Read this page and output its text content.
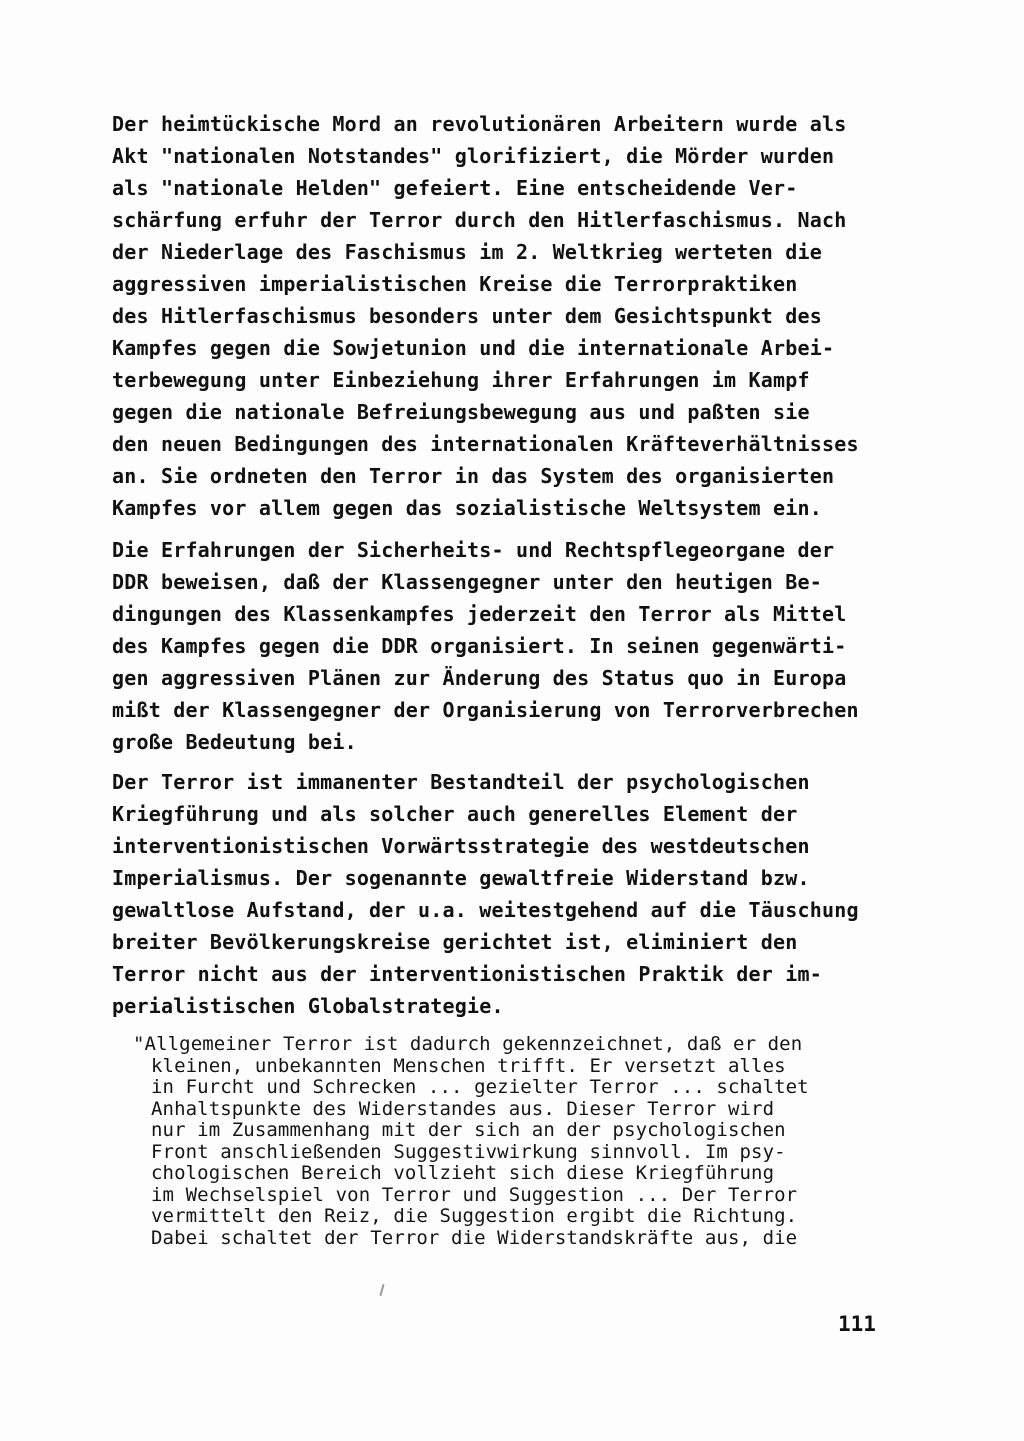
Der heimtückische Mord an revolutionären Arbeitern wurde als
Akt "nationalen Notstandes" glorifiziert, die Mörder wurden
als "nationale Helden" gefeiert. Eine entscheidende Ver-
schärfung erfuhr der Terror durch den Hitlerfaschismus. Nach
der Niederlage des Faschismus im 2. Weltkrieg werteten die
aggressiven imperialistischen Kreise die Terrorpraktiken
des Hitlerfaschismus besonders unter dem Gesichtspunkt des
Kampfes gegen die Sowjetunion und die internationale Arbei-
terbewegung unter Einbeziehung ihrer Erfahrungen im Kampf
gegen die nationale Befreiungsbewegung aus und paßten sie
den neuen Bedingungen des internationalen Kräfteverhältnisses
an. Sie ordneten den Terror in das System des organisierten
Kampfes vor allem gegen das sozialistische Weltsystem ein.
Die Erfahrungen der Sicherheits- und Rechtspflegeorgane der
DDR beweisen, daß der Klassengegner unter den heutigen Be-
dingungen des Klassenkampfes jederzeit den Terror als Mittel
des Kampfes gegen die DDR organisiert. In seinen gegenwärti-
gen aggressiven Plänen zur Änderung des Status quo in Europa
mißt der Klassengegner der Organisierung von Terrorverbrechen
große Bedeutung bei.
Der Terror ist immanenter Bestandteil der psychologischen
Kriegführung und als solcher auch generelles Element der
interventionistischen Vorwärtsstrategie des westdeutschen
Imperialismus. Der sogenannte gewaltfreie Widerstand bzw.
gewaltlose Aufstand, der u.a. weitestgehend auf die Täuschung
breiter Bevölkerungskreise gerichtet ist, eliminiert den
Terror nicht aus der interventionistischen Praktik der im-
perialistischen Globalstrategie.
"Allgemeiner Terror ist dadurch gekennzeichnet, daß er den
kleinen, unbekannten Menschen trifft. Er versetzt alles
in Furcht und Schrecken ... gezielter Terror ... schaltet
Anhaltspunkte des Widerstandes aus. Dieser Terror wird
nur im Zusammenhang mit der sich an der psychologischen
Front anschließenden Suggestivwirkung sinnvoll. Im psy-
chologischen Bereich vollzieht sich diese Kriegführung
im Wechselspiel von Terror und Suggestion ... Der Terror
vermittelt den Reiz, die Suggestion ergibt die Richtung.
Dabei schaltet der Terror die Widerstandskräfte aus, die
111
